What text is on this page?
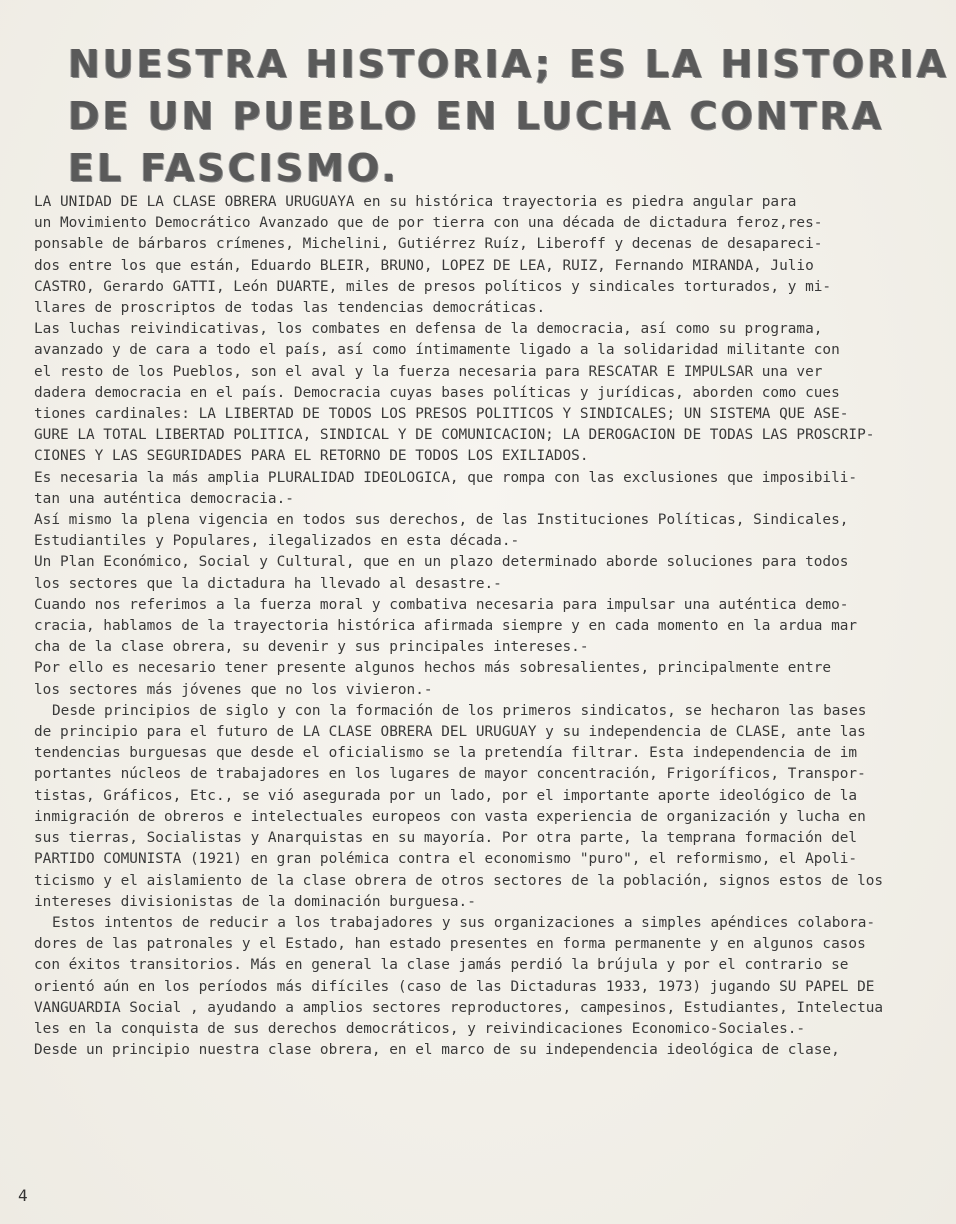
NUESTRA HISTORIA; ES LA HISTORIA
DE UN PUEBLO EN LUCHA CONTRA
EL FASCISMO.

LA UNIDAD DE LA CLASE OBRERA URUGUAYA en su histórica trayectoria es piedra angular para
un Movimiento Democrático Avanzado que de por tierra con una década de dictadura feroz,res-
ponsable de bárbaros crímenes, Michelini, Gutiérrez Ruíz, Liberoff y decenas de desapareci-
dos entre los que están, Eduardo BLEIR, BRUNO, LOPEZ DE LEA, RUIZ, Fernando MIRANDA, Julio
CASTRO, Gerardo GATTI, León DUARTE, miles de presos políticos y sindicales torturados, y mi-
llares de proscriptos de todas las tendencias democráticas.

Las luchas reivindicativas, los combates en defensa de la democracia, así como su programa,
avanzado y de cara a todo el país, así como íntimamente ligado a la solidaridad militante con
el resto de los Pueblos, son el aval y la fuerza necesaria para RESCATAR E IMPULSAR una ver
dadera democracia en el país. Democracia cuyas bases políticas y jurídicas, aborden como cues
tiones cardinales: LA LIBERTAD DE TODOS LOS PRESOS POLITICOS Y SINDICALES; UN SISTEMA QUE ASE-
GURE LA TOTAL LIBERTAD POLITICA, SINDICAL Y DE COMUNICACION; LA DEROGACION DE TODAS LAS PROSCRIP-
CIONES Y LAS SEGURIDADES PARA EL RETORNO DE TODOS LOS EXILIADOS.

Es necesaria la más amplia PLURALIDAD IDEOLOGICA, que rompa con las exclusiones que imposibili-
tan una auténtica democracia.-

Así mismo la plena vigencia en todos sus derechos, de las Instituciones Políticas, Sindicales,
Estudiantiles y Populares, ilegalizados en esta década.-

Un Plan Económico, Social y Cultural, que en un plazo determinado aborde soluciones para todos
los sectores que la dictadura ha llevado al desastre.-

Cuando nos referimos a la fuerza moral y combativa necesaria para impulsar una auténtica demo-
cracia, hablamos de la trayectoria histórica afirmada siempre y en cada momento en la ardua mar
cha de la clase obrera, su devenir y sus principales intereses.-

Por ello es necesario tener presente algunos hechos más sobresalientes, principalmente entre
los sectores más jóvenes que no los vivieron.-

Desde principios de siglo y con la formación de los primeros sindicatos, se hecharon las bases
de principio para el futuro de LA CLASE OBRERA DEL URUGUAY y su independencia de CLASE, ante las
tendencias burguesas que desde el oficialismo se la pretendía filtrar. Esta independencia de im
portantes núcleos de trabajadores en los lugares de mayor concentración, Frigoríficos, Transpor-
tistas, Gráficos, Etc., se vió asegurada por un lado, por el importante aporte ideológico de la
inmigración de obreros e intelectuales europeos con vasta experiencia de organización y lucha en
sus tierras, Socialistas y Anarquistas en su mayoría. Por otra parte, la temprana formación del
PARTIDO COMUNISTA (1921) en gran polémica contra el economismo "puro", el reformismo, el Apoli-
ticismo y el aislamiento de la clase obrera de otros sectores de la población, signos estos de los
intereses divisionistas de la dominación burguesa.-

Estos intentos de reducir a los trabajadores y sus organizaciones a simples apéndices colabora-
dores de las patronales y el Estado, han estado presentes en forma permanente y en algunos casos
con éxitos transitorios. Más en general la clase jamás perdió la brújula y por el contrario se
orientó aún en los períodos más difíciles (caso de las Dictaduras 1933, 1973) jugando SU PAPEL DE
VANGUARDIA Social , ayudando a amplios sectores reproductores, campesinos, Estudiantes, Intelectua
les en la conquista de sus derechos democráticos, y reivindicaciones Economico-Sociales.-
Desde un principio nuestra clase obrera, en el marco de su independencia ideológica de clase,

4
